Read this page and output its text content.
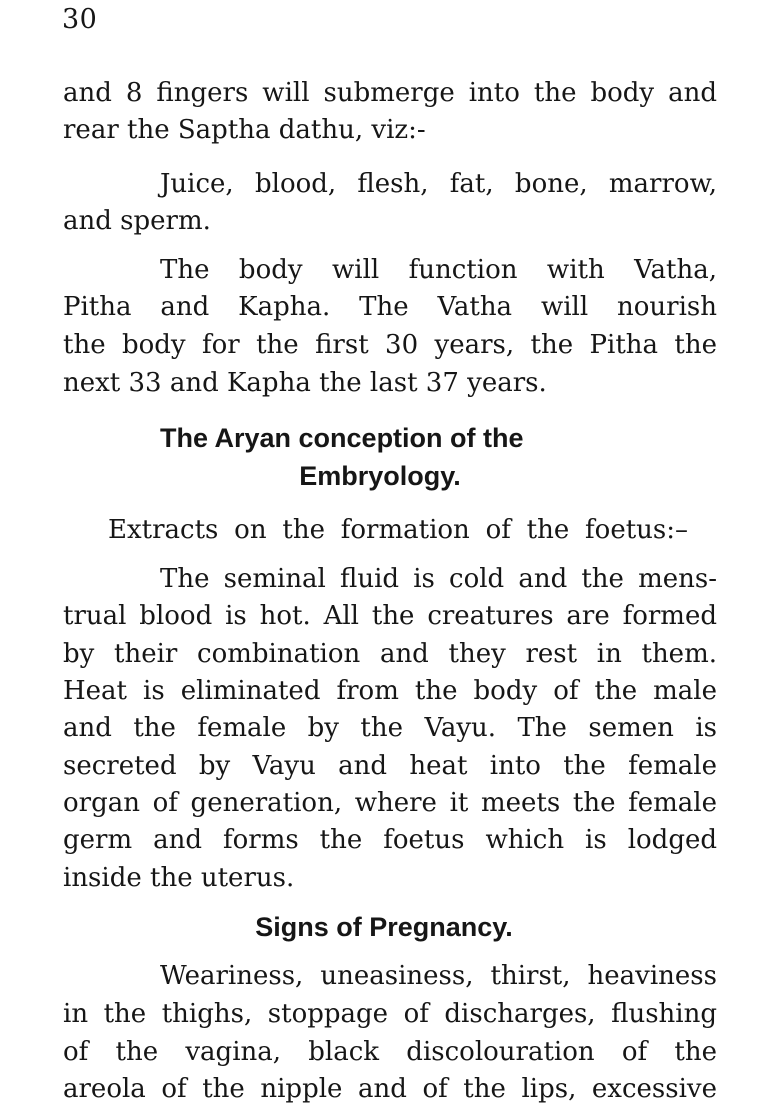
30
and 8 fingers will submerge into the body and
rear the Saptha dathu, viz:-
Juice, blood, flesh, fat, bone, marrow,
and sperm.
The body will function with Vatha,
Pitha and Kapha. The Vatha will nourish
the body for the first 30 years, the Pitha the
next 33 and Kapha the last 37 years.
The Aryan conception of the
Embryology.
Extracts on the formation of the foetus:–
The seminal fluid is cold and the mens-
trual blood is hot. All the creatures are formed
by their combination and they rest in them.
Heat is eliminated from the body of the male
and the female by the Vayu. The semen is
secreted by Vayu and heat into the female
organ of generation, where it meets the female
germ and forms the foetus which is lodged
inside the uterus.
Signs of Pregnancy.
Weariness, uneasiness, thirst, heaviness
in the thighs, stoppage of discharges, flushing
of the vagina, black discolouration of the
areola of the nipple and of the lips, excessive
